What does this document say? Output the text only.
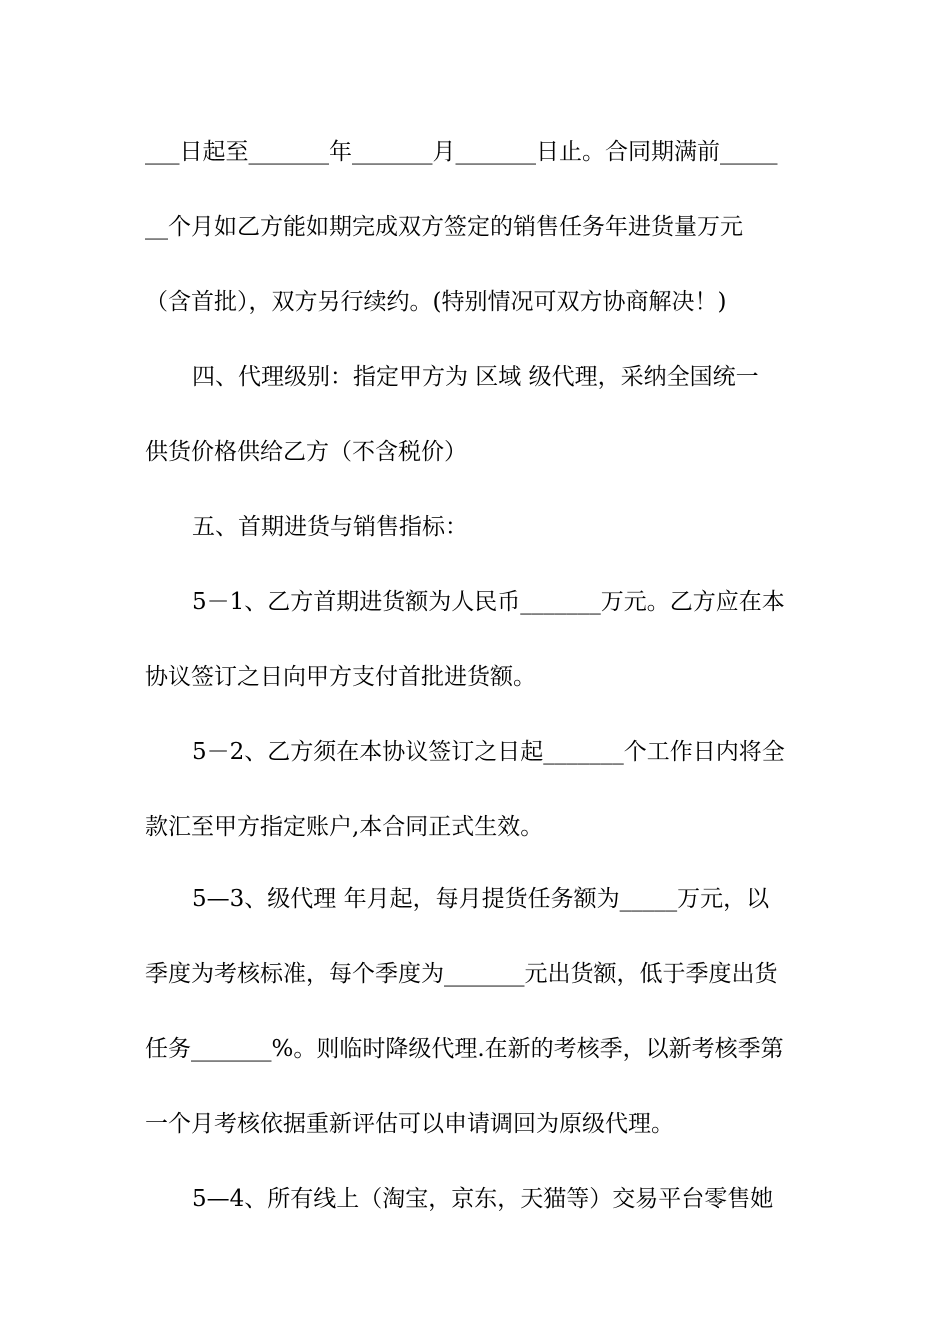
___日起至_______年_______月_______日止。合同期满前_____
__个月如乙方能如期完成双方签定的销售任务年进货量万元
（含首批），双方另行续约。(特别情况可双方协商解决！)
四、代理级别：指定甲方为 区域 级代理，采纳全国统一
供货价格供给乙方（不含税价）
五、首期进货与销售指标：
5－1、乙方首期进货额为人民币_______万元。乙方应在本
协议签订之日向甲方支付首批进货额。
5－2、乙方须在本协议签订之日起_______个工作日内将全
款汇至甲方指定账户,本合同正式生效。
5—3、级代理 年月起，每月提货任务额为_____万元，以
季度为考核标准，每个季度为_______元出货额，低于季度出货
任务_______%。则临时降级代理.在新的考核季，以新考核季第
一个月考核依据重新评估可以申请调回为原级代理。
5—4、所有线上（淘宝，京东，天猫等）交易平台零售她
